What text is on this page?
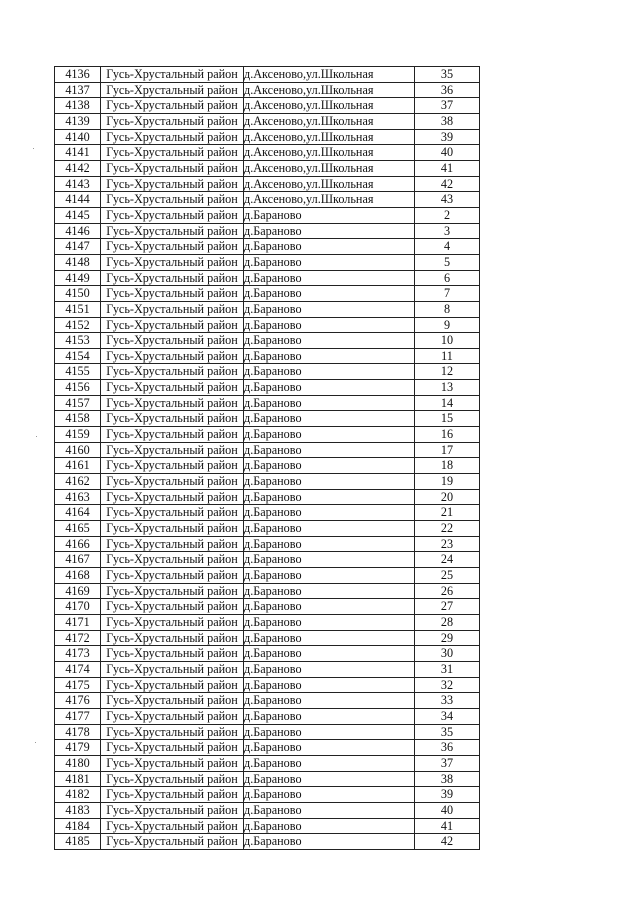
4136	Гусь-Хрустальный район	д.Аксеново,ул.Школьная	35
4137	Гусь-Хрустальный район	д.Аксеново,ул.Школьная	36
4138	Гусь-Хрустальный район	д.Аксеново,ул.Школьная	37
4139	Гусь-Хрустальный район	д.Аксеново,ул.Школьная	38
4140	Гусь-Хрустальный район	д.Аксеново,ул.Школьная	39
4141	Гусь-Хрустальный район	д.Аксеново,ул.Школьная	40
4142	Гусь-Хрустальный район	д.Аксеново,ул.Школьная	41
4143	Гусь-Хрустальный район	д.Аксеново,ул.Школьная	42
4144	Гусь-Хрустальный район	д.Аксеново,ул.Школьная	43
4145	Гусь-Хрустальный район	д.Бараново	2
4146	Гусь-Хрустальный район	д.Бараново	3
4147	Гусь-Хрустальный район	д.Бараново	4
4148	Гусь-Хрустальный район	д.Бараново	5
4149	Гусь-Хрустальный район	д.Бараново	6
4150	Гусь-Хрустальный район	д.Бараново	7
4151	Гусь-Хрустальный район	д.Бараново	8
4152	Гусь-Хрустальный район	д.Бараново	9
4153	Гусь-Хрустальный район	д.Бараново	10
4154	Гусь-Хрустальный район	д.Бараново	11
4155	Гусь-Хрустальный район	д.Бараново	12
4156	Гусь-Хрустальный район	д.Бараново	13
4157	Гусь-Хрустальный район	д.Бараново	14
4158	Гусь-Хрустальный район	д.Бараново	15
4159	Гусь-Хрустальный район	д.Бараново	16
4160	Гусь-Хрустальный район	д.Бараново	17
4161	Гусь-Хрустальный район	д.Бараново	18
4162	Гусь-Хрустальный район	д.Бараново	19
4163	Гусь-Хрустальный район	д.Бараново	20
4164	Гусь-Хрустальный район	д.Бараново	21
4165	Гусь-Хрустальный район	д.Бараново	22
4166	Гусь-Хрустальный район	д.Бараново	23
4167	Гусь-Хрустальный район	д.Бараново	24
4168	Гусь-Хрустальный район	д.Бараново	25
4169	Гусь-Хрустальный район	д.Бараново	26
4170	Гусь-Хрустальный район	д.Бараново	27
4171	Гусь-Хрустальный район	д.Бараново	28
4172	Гусь-Хрустальный район	д.Бараново	29
4173	Гусь-Хрустальный район	д.Бараново	30
4174	Гусь-Хрустальный район	д.Бараново	31
4175	Гусь-Хрустальный район	д.Бараново	32
4176	Гусь-Хрустальный район	д.Бараново	33
4177	Гусь-Хрустальный район	д.Бараново	34
4178	Гусь-Хрустальный район	д.Бараново	35
4179	Гусь-Хрустальный район	д.Бараново	36
4180	Гусь-Хрустальный район	д.Бараново	37
4181	Гусь-Хрустальный район	д.Бараново	38
4182	Гусь-Хрустальный район	д.Бараново	39
4183	Гусь-Хрустальный район	д.Бараново	40
4184	Гусь-Хрустальный район	д.Бараново	41
4185	Гусь-Хрустальный район	д.Бараново	42
